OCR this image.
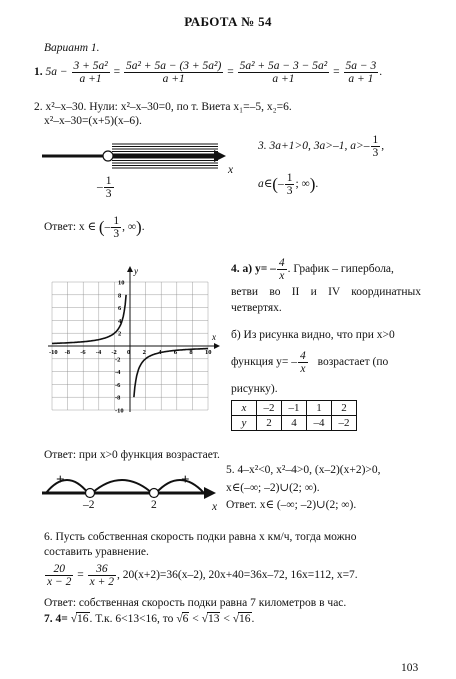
РАБОТА № 54
Вариант 1.
1. $5a - \frac{\text{3 + 5a²}}{a +1} = \frac{\text{5a² + 5a − (3 + 5a²)}}{a +1} = \frac{\text{5a² + 5a − 3 − 5a²}}{a +1} = \frac{5a - 3}{a + 1}$ .
2. x²–x–30. Нули: x²–x–30=0, по т. Виета x₁=–5, x₂=6.
x²–x–30=(x+5)(x–6).
x
– $\frac{1}{3}$
3. 3a+1>0, 3a>–1, $a>- \frac{1}{3}$ ,
a∈(– $\frac{1}{3}$ ; ∞).
Ответ: x ∈ (– $\frac{1}{3}$ , ∞).
x
y
-10 -8 -6 -4 -2 0 2 4 6 8 10
10
8
6
4
2
-2
-4
-6
-8
-10
4. а) $y= - \frac{4}{x}$ . График – гипербола,
ветви во II и IV координатных
четвертях.
б) Из рисунка видно, что при x>0
функция $y= - \frac{4}{x}$ возрастает (по
рисунку).
x	–2	–1	1	2
y	2	4	–4	–2
Ответ: при x>0 функция возрастает.
+	–	+
–2	2	x
5. 4–x²<0, x²–4>0, (x–2)(x+2)>0,
x∈(–∞; –2)∪(2; ∞).
Ответ. x∈ (–∞; –2)∪(2; ∞).
6. Пусть собственная скорость подки равна x км/ч, тогда можно
составить уравнение.
$\frac{20}{x - 2} = \frac{36}{x + 2}$ , 20(x+2)=36(x–2), 20x+40=36x–72, 16x=112, x=7.
Ответ: собственная скорость подки равна 7 километров в час.
7. 4= √16. Т.к. 6<13<16, то √6 < √13 < √16.
103
